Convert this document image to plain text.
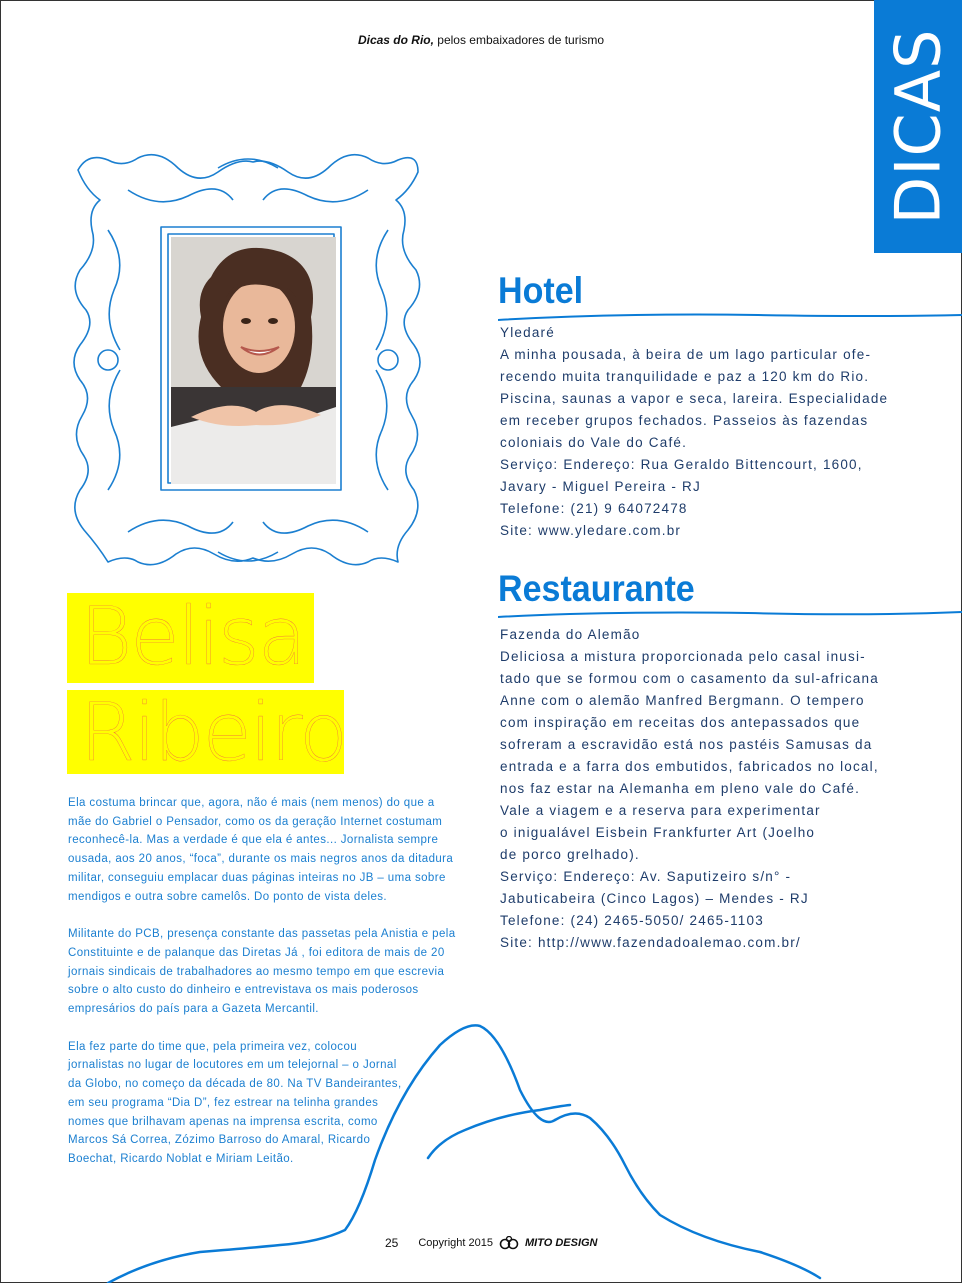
Dicas do Rio, pelos embaixadores de turismo	DICAS
Belisa
Ribeiro

Ela costuma brincar que, agora, não é mais (nem menos) do que a mãe do Gabriel o Pensador, como os da geração Internet costumam reconhecê-la. Mas a verdade é que ela é antes... Jornalista sempre ousada, aos 20 anos, “foca”, durante os mais negros anos da ditadura militar, conseguiu emplacar duas páginas inteiras no JB – uma sobre mendigos e outra sobre camelôs. Do ponto de vista deles.

Militante do PCB, presença constante das passetas pela Anistia e pela Constituinte e de palanque das Diretas Já , foi editora de mais de 20 jornais sindicais de trabalhadores ao mesmo tempo em que escrevia sobre o alto custo do dinheiro e entrevistava os mais poderosos empresários do país para a Gazeta Mercantil.

Ela fez parte do time que, pela primeira vez, colocou jornalistas no lugar de locutores em um telejornal – o Jornal da Globo, no começo da década de 80. Na TV Bandeirantes, em seu programa “Dia D”, fez estrear na telinha grandes nomes que brilhavam apenas na imprensa escrita, como Marcos Sá Correa, Zózimo Barroso do Amaral, Ricardo Boechat, Ricardo Noblat e Miriam Leitão.

Hotel
Yledaré
A minha pousada, à beira de um lago particular ofe-
recendo muita tranquilidade e paz a 120 km do Rio.
Piscina, saunas a vapor e seca, lareira. Especialidade
em receber grupos fechados. Passeios às fazendas
coloniais do Vale do Café.
Serviço: Endereço: Rua Geraldo Bittencourt, 1600,
Javary - Miguel Pereira - RJ
Telefone: (21) 9 64072478
Site: www.yledare.com.br
Restaurante
Fazenda do Alemão
Deliciosa a mistura proporcionada pelo casal inusi-
tado que se formou com o casamento da sul-africana
Anne com o alemão Manfred Bergmann. O tempero
com inspiração em receitas dos antepassados que
sofreram a escravidão está nos pastéis Samusas da
entrada e a farra dos embutidos, fabricados no local,
nos faz estar na Alemanha em pleno vale do Café.
Vale a viagem e a reserva para experimentar
o inigualável Eisbein Frankfurter Art (Joelho
de porco grelhado).
Serviço: Endereço: Av. Saputizeiro s/n° -
Jabuticabeira (Cinco Lagos) – Mendes - RJ
Telefone: (24) 2465-5050/ 2465-1103
Site: http://www.fazendadoalemao.com.br/
25 Copyright 2015	MITO DESIGN
